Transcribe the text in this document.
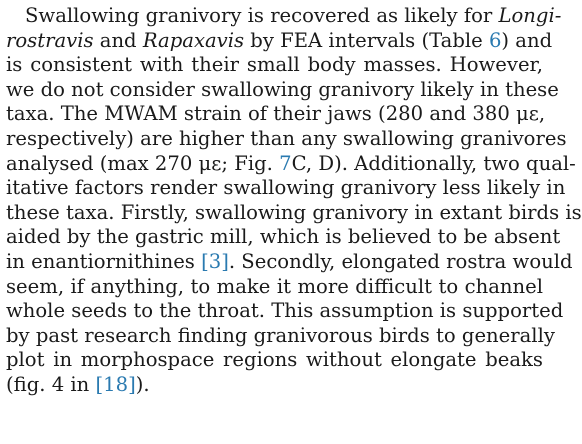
Swallowing granivory is recovered as likely for Longi-
rostravis and Rapaxavis by FEA intervals (Table 6) and
is consistent with their small body masses. However,
we do not consider swallowing granivory likely in these
taxa. The MWAM strain of their jaws (280 and 380 με,
respectively) are higher than any swallowing granivores
analysed (max 270 με; Fig. 7C, D). Additionally, two qual-
itative factors render swallowing granivory less likely in
these taxa. Firstly, swallowing granivory in extant birds is
aided by the gastric mill, which is believed to be absent
in enantiornithines [3]. Secondly, elongated rostra would
seem, if anything, to make it more difficult to channel
whole seeds to the throat. This assumption is supported
by past research finding granivorous birds to generally
plot in morphospace regions without elongate beaks
(fig. 4 in [18]).
